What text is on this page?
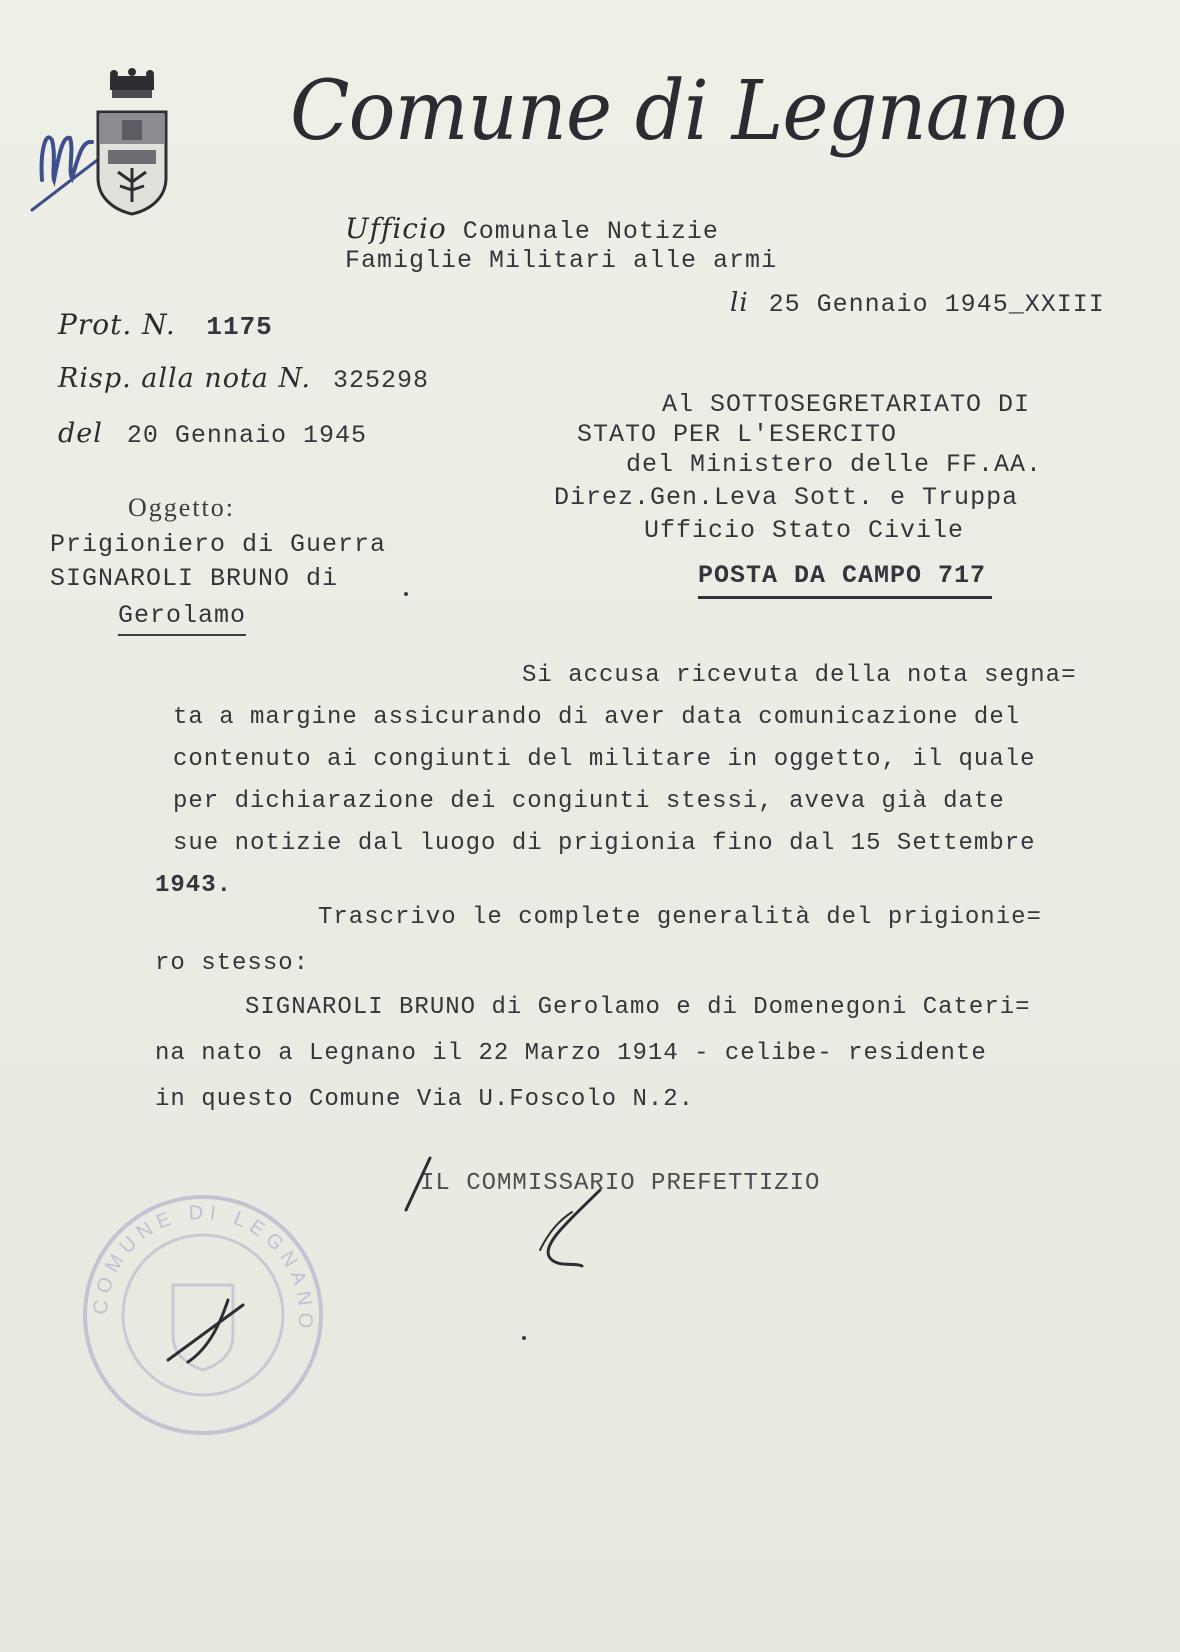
Comune di Legnano
Ufficio Comunale Notizie
Famiglie Militari alle armi
li 25 Gennaio 1945_XXIII
Prot. N. 1175
Risp. alla nota N. 325298
del 20 Gennaio 1945
Oggetto:
Prigioniero di Guerra
SIGNAROLI BRUNO di
Gerolamo
Al SOTTOSEGRETARIATO DI
STATO PER L'ESERCITO
del Ministero delle FF.AA.
Direz.Gen.Leva Sott. e Truppa
Ufficio Stato Civile
POSTA DA CAMPO 717
Si accusa ricevuta della nota segna=
ta a margine assicurando di aver data comunicazione del
contenuto ai congiunti del militare in oggetto, il quale
per dichiarazione dei congiunti stessi, aveva già date
sue notizie dal luogo di prigionia fino dal 15 Settembre
1943.
Trascrivo le complete generalità del prigionie=
ro stesso:
SIGNAROLI BRUNO di Gerolamo e di Domenegoni Cateri=
na nato a Legnano il 22 Marzo 1914 - celibe- residente
in questo Comune Via U.Foscolo N.2.
IL COMMISSARIO PREFETTIZIO
COMUNE DI LEGNANO
